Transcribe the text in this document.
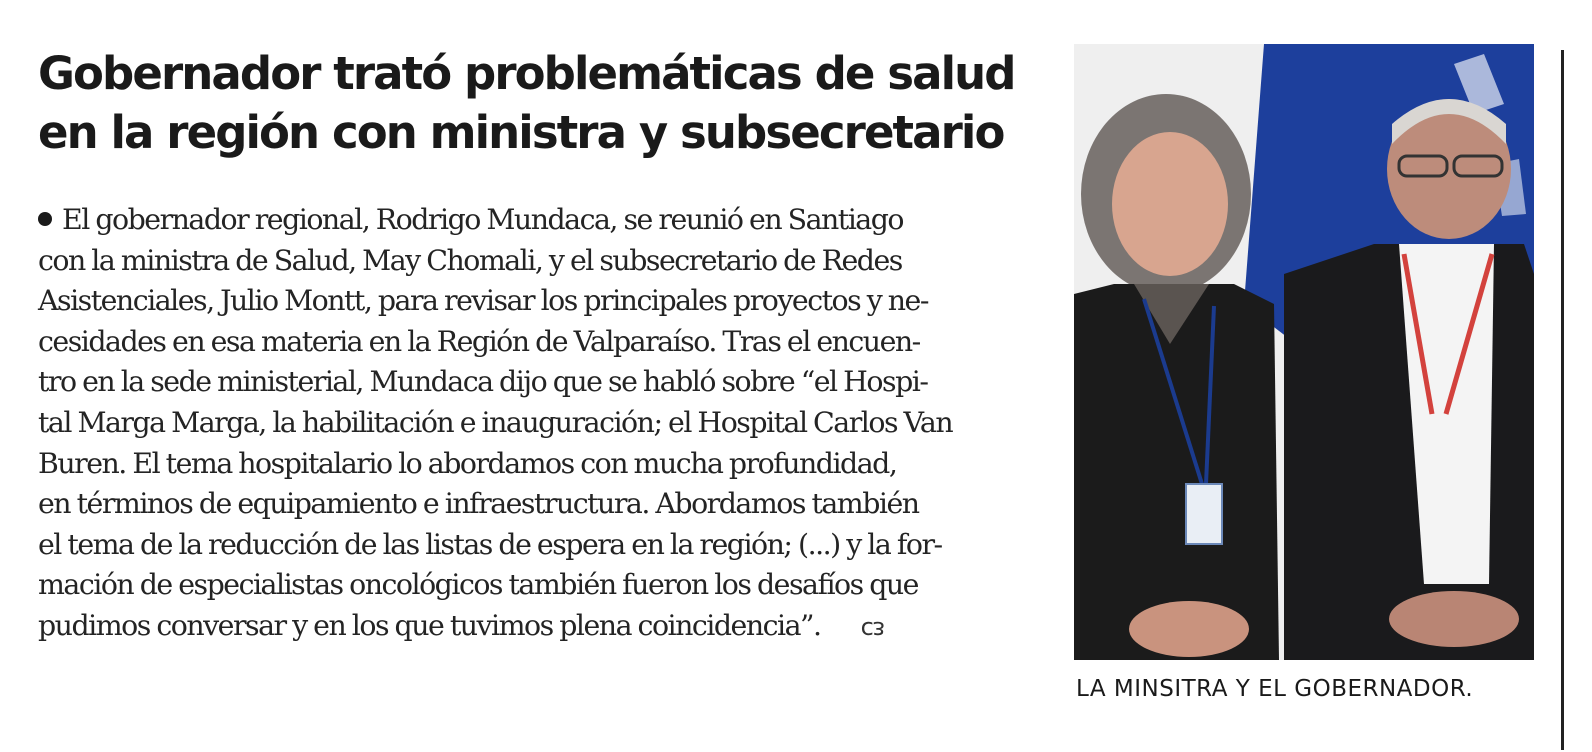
Gobernador trató problemáticas de salud en la región con ministra y subsecretario
El gobernador regional, Rodrigo Mundaca, se reunió en Santiago
con la ministra de Salud, May Chomali, y el subsecretario de Redes
Asistenciales, Julio Montt, para revisar los principales proyectos y ne-
cesidades en esa materia en la Región de Valparaíso. Tras el encuen-
tro en la sede ministerial, Mundaca dijo que se habló sobre “el Hospi-
tal Marga Marga, la habilitación e inauguración; el Hospital Carlos Van
Buren. El tema hospitalario lo abordamos con mucha profundidad,
en términos de equipamiento e infraestructura. Abordamos también
el tema de la reducción de las listas de espera en la región; (...) y la for-
mación de especialistas oncológicos también fueron los desafíos que
pudimos conversar y en los que tuvimos plena coincidencia”. ᴄᴈ
LA MINSITRA Y EL GOBERNADOR.
